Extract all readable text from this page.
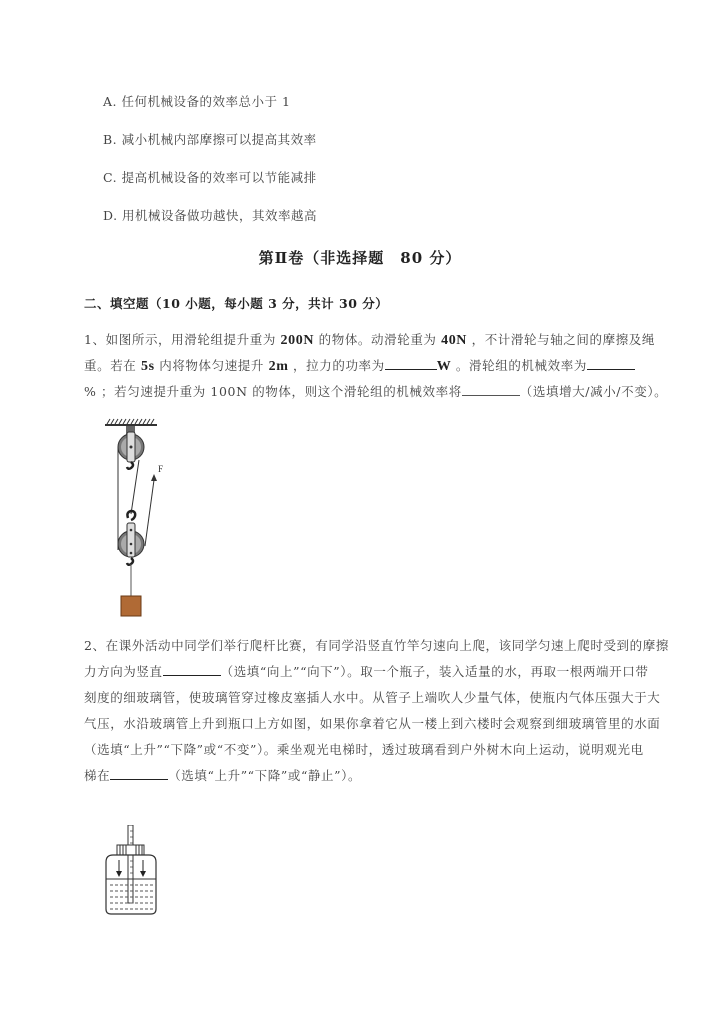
A. 任何机械设备的效率总小于 1
B. 减小机械内部摩擦可以提高其效率
C. 提高机械设备的效率可以节能减排
D. 用机械设备做功越快，其效率越高
第Ⅱ卷（非选择题　80 分）
二、填空题（10 小题，每小题 3 分，共计 30 分）
1、如图所示，用滑轮组提升重为 200N 的物体。动滑轮重为 40N ，不计滑轮与轴之间的摩擦及绳
重。若在 5s 内将物体匀速提升 2m ，拉力的功率为	W 。滑轮组的机械效率为
% ；若匀速提升重为 100N 的物体，则这个滑轮组的机械效率将	（选填增大/减小/不变）。
F
2、在课外活动中同学们举行爬杆比赛，有同学沿竖直竹竿匀速向上爬，该同学匀速上爬时受到的摩擦
力方向为竖直	（选填“向上”“向下”）。取一个瓶子，装入适量的水，再取一根两端开口带
刻度的细玻璃管，使玻璃管穿过橡皮塞插人水中。从管子上端吹人少量气体，使瓶内气体压强大于大
气压，水沿玻璃管上升到瓶口上方如图，如果你拿着它从一楼上到六楼时会观察到细玻璃管里的水面
（选填“上升”“下降”或“不变”）。乘坐观光电梯时，透过玻璃看到户外树木向上运动，说明观光电
梯在	（选填“上升”“下降”或“静止”）。
